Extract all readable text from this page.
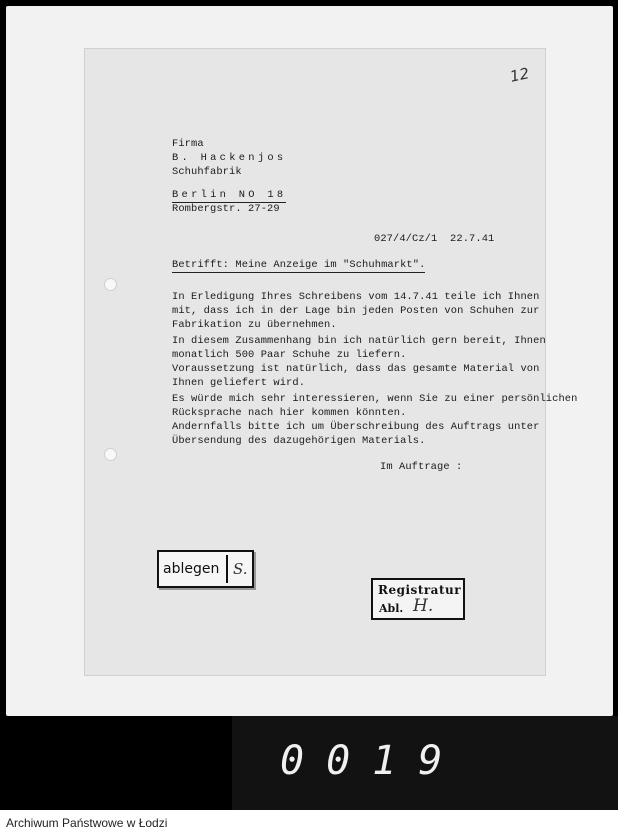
12
Firma
B. Hackenjos
Schuhfabrik
Berlin NO 18
Rombergstr. 27-29
027/4/Cz/1  22.7.41
Betrifft: Meine Anzeige im "Schuhmarkt".
In Erledigung Ihres Schreibens vom 14.7.41 teile ich Ihnen
mit, dass ich in der Lage bin jeden Posten von Schuhen zur
Fabrikation zu übernehmen.
In diesem Zusammenhang bin ich natürlich gern bereit, Ihnen
monatlich 500 Paar Schuhe zu liefern.
Voraussetzung ist natürlich, dass das gesamte Material von
Ihnen geliefert wird.
Es würde mich sehr interessieren, wenn Sie zu einer persönlichen
Rücksprache nach hier kommen könnten.
Andernfalls bitte ich um Überschreibung des Auftrags unter
Übersendung des dazugehörigen Materials.
Im Auftrage :
ablegen S.
Registratur
Abl. H.
0019
Archiwum Państwowe w Łodzi
